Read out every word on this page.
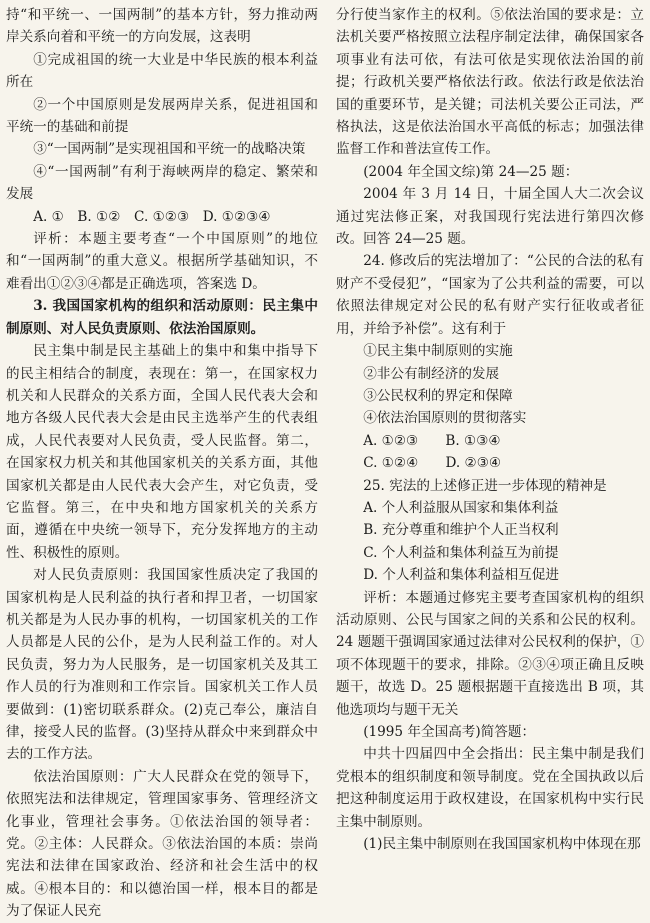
持“和平统一、一国两制”的基本方针，努力推动两岸关系向着和平统一的方向发展，这表明

①完成祖国的统一大业是中华民族的根本利益所在

②一个中国原则是发展两岸关系，促进祖国和平统一的基础和前提

③“一国两制”是实现祖国和平统一的战略决策

④“一国两制”有利于海峡两岸的稳定、繁荣和发展

A. ①　B. ①②　C. ①②③　D. ①②③④

评析：本题主要考查“一个中国原则”的地位和“一国两制”的重大意义。根据所学基础知识，不难看出①②③④都是正确选项，答案选 D。

3. 我国国家机构的组织和活动原则：民主集中制原则、对人民负责原则、依法治国原则。

民主集中制是民主基础上的集中和集中指导下的民主相结合的制度，表现在：第一，在国家权力机关和人民群众的关系方面，全国人民代表大会和地方各级人民代表大会是由民主选举产生的代表组成，人民代表要对人民负责，受人民监督。第二，在国家权力机关和其他国家机关的关系方面，其他国家机关都是由人民代表大会产生，对它负责，受它监督。第三，在中央和地方国家机关的关系方面，遵循在中央统一领导下，充分发挥地方的主动性、积极性的原则。

对人民负责原则：我国国家性质决定了我国的国家机构是人民利益的执行者和捍卫者，一切国家机关都是为人民办事的机构，一切国家机关的工作人员都是人民的公仆，是为人民利益工作的。对人民负责，努力为人民服务，是一切国家机关及其工作人员的行为准则和工作宗旨。国家机关工作人员要做到：(1)密切联系群众。(2)克己奉公，廉洁自律，接受人民的监督。(3)坚持从群众中来到群众中去的工作方法。

依法治国原则：广大人民群众在党的领导下，依照宪法和法律规定，管理国家事务、管理经济文化事业，管理社会事务。①依法治国的领导者：党。②主体：人民群众。③依法治国的本质：崇尚宪法和法律在国家政治、经济和社会生活中的权威。④根本目的：和以德治国一样，根本目的都是为了保证人民充

分行使当家作主的权利。⑤依法治国的要求是：立法机关要严格按照立法程序制定法律，确保国家各项事业有法可依，有法可依是实现依法治国的前提；行政机关要严格依法行政。依法行政是依法治国的重要环节，是关键；司法机关要公正司法，严格执法，这是依法治国水平高低的标志；加强法律监督工作和普法宣传工作。

(2004 年全国文综)第 24—25 题：

2004 年 3 月 14 日，十届全国人大二次会议通过宪法修正案，对我国现行宪法进行第四次修改。回答 24—25 题。

24. 修改后的宪法增加了：“公民的合法的私有财产不受侵犯”，“国家为了公共利益的需要，可以依照法律规定对公民的私有财产实行征收或者征用，并给予补偿”。这有利于

①民主集中制原则的实施

②非公有制经济的发展

③公民权利的界定和保障

④依法治国原则的贯彻落实

A. ①②③　　B. ①③④

C. ①②④　　D. ②③④

25. 宪法的上述修正进一步体现的精神是

A. 个人利益服从国家和集体利益

B. 充分尊重和维护个人正当权利

C. 个人利益和集体利益互为前提

D. 个人利益和集体利益相互促进

评析：本题通过修宪主要考查国家机构的组织活动原则、公民与国家之间的关系和公民的权利。24 题题干强调国家通过法律对公民权利的保护，①项不体现题干的要求，排除。②③④项正确且反映题干，故选 D。25 题根据题干直接选出 B 项，其他选项均与题干无关

(1995 年全国高考)简答题：

中共十四届四中全会指出：民主集中制是我们党根本的组织制度和领导制度。党在全国执政以后把这种制度运用于政权建设，在国家机构中实行民主集中制原则。

(1)民主集中制原则在我国国家机构中体现在那
